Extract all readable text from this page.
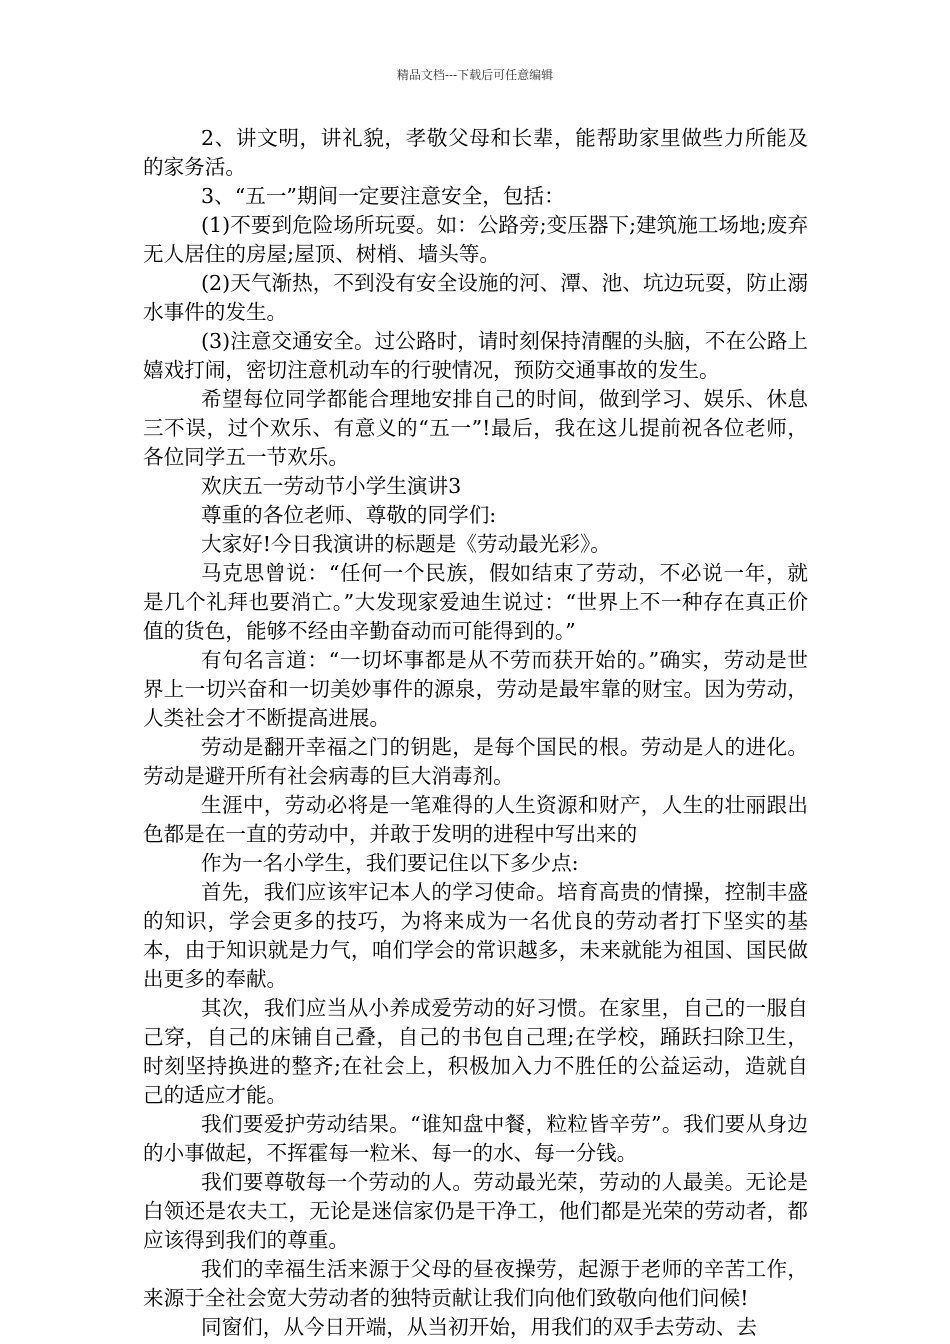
精品文档---下载后可任意编辑

2、讲文明，讲礼貌，孝敬父母和长辈，能帮助家里做些力所能及的家务活。

3、“五一”期间一定要注意安全，包括：

(1)不要到危险场所玩耍。如：公路旁;变压器下;建筑施工场地;废弃无人居住的房屋;屋顶、树梢、墙头等。

(2)天气渐热，不到没有安全设施的河、潭、池、坑边玩耍，防止溺水事件的发生。

(3)注意交通安全。过公路时，请时刻保持清醒的头脑，不在公路上嬉戏打闹，密切注意机动车的行驶情况，预防交通事故的发生。

希望每位同学都能合理地安排自己的时间，做到学习、娱乐、休息三不误，过个欢乐、有意义的“五一”!最后，我在这儿提前祝各位老师，各位同学五一节欢乐。

欢庆五一劳动节小学生演讲3

尊重的各位老师、尊敬的同学们:

大家好!今日我演讲的标题是《劳动最光彩》。

马克思曾说：“任何一个民族，假如结束了劳动，不必说一年，就是几个礼拜也要消亡。”大发现家爱迪生说过：“世界上不一种存在真正价值的货色，能够不经由辛勤奋动而可能得到的。”

有句名言道：“一切坏事都是从不劳而获开始的。”确实，劳动是世界上一切兴奋和一切美妙事件的源泉，劳动是最牢靠的财宝。因为劳动，人类社会才不断提高进展。

劳动是翻开幸福之门的钥匙，是每个国民的根。劳动是人的进化。劳动是避开所有社会病毒的巨大消毒剂。

生涯中，劳动必将是一笔难得的人生资源和财产，人生的壮丽跟出色都是在一直的劳动中，并敢于发明的进程中写出来的

作为一名小学生，我们要记住以下多少点:

首先，我们应该牢记本人的学习使命。培育高贵的情操，控制丰盛的知识，学会更多的技巧，为将来成为一名优良的劳动者打下坚实的基本，由于知识就是力气，咱们学会的常识越多，未来就能为祖国、国民做出更多的奉献。

其次，我们应当从小养成爱劳动的好习惯。在家里，自己的一服自己穿，自己的床铺自己叠，自己的书包自己理;在学校，踊跃扫除卫生，时刻坚持换进的整齐;在社会上，积极加入力不胜任的公益运动，造就自己的适应才能。

我们要爱护劳动结果。“谁知盘中餐，粒粒皆辛劳”。我们要从身边的小事做起，不挥霍每一粒米、每一的水、每一分钱。

我们要尊敬每一个劳动的人。劳动最光荣，劳动的人最美。无论是白领还是农夫工，无论是迷信家仍是干净工，他们都是光荣的劳动者，都应该得到我们的尊重。

我们的幸福生活来源于父母的昼夜操劳，起源于老师的辛苦工作，来源于全社会宽大劳动者的独特贡献让我们向他们致敬向他们问候!

同窗们，从今日开端，从当初开始，用我们的双手去劳动、去
